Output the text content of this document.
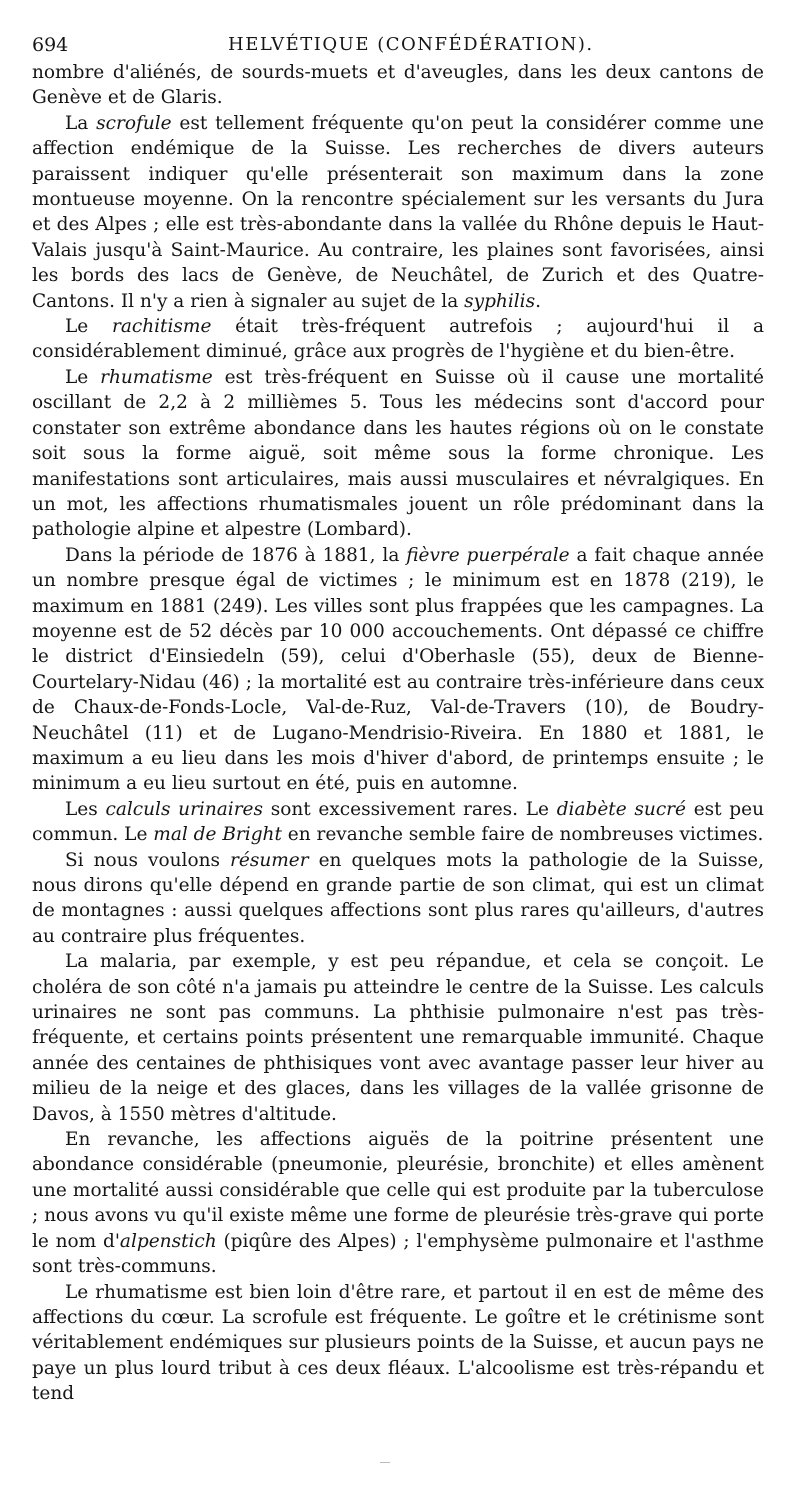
694	HELVÉTIQUE (CONFÉDÉRATION).

nombre d'aliénés, de sourds-muets et d'aveugles, dans les deux cantons de Genève et de Glaris.

La scrofule est tellement fréquente qu'on peut la considérer comme une affection endémique de la Suisse. Les recherches de divers auteurs paraissent indiquer qu'elle présenterait son maximum dans la zone montueuse moyenne. On la rencontre spécialement sur les versants du Jura et des Alpes ; elle est très-abondante dans la vallée du Rhône depuis le Haut-Valais jusqu'à Saint-Maurice. Au contraire, les plaines sont favorisées, ainsi les bords des lacs de Genève, de Neuchâtel, de Zurich et des Quatre-Cantons. Il n'y a rien à signaler au sujet de la syphilis.

Le rachitisme était très-fréquent autrefois ; aujourd'hui il a considérablement diminué, grâce aux progrès de l'hygiène et du bien-être.

Le rhumatisme est très-fréquent en Suisse où il cause une mortalité oscillant de 2,2 à 2 millièmes 5. Tous les médecins sont d'accord pour constater son extrême abondance dans les hautes régions où on le constate soit sous la forme aiguë, soit même sous la forme chronique. Les manifestations sont articulaires, mais aussi musculaires et névralgiques. En un mot, les affections rhumatismales jouent un rôle prédominant dans la pathologie alpine et alpestre (Lombard).

Dans la période de 1876 à 1881, la fièvre puerpérale a fait chaque année un nombre presque égal de victimes ; le minimum est en 1878 (219), le maximum en 1881 (249). Les villes sont plus frappées que les campagnes. La moyenne est de 52 décès par 10 000 accouchements. Ont dépassé ce chiffre le district d'Einsiedeln (59), celui d'Oberhasle (55), deux de Bienne-Courtelary-Nidau (46) ; la mortalité est au contraire très-inférieure dans ceux de Chaux-de-Fonds-Locle, Val-de-Ruz, Val-de-Travers (10), de Boudry-Neuchâtel (11) et de Lugano-Mendrisio-Riveira. En 1880 et 1881, le maximum a eu lieu dans les mois d'hiver d'abord, de printemps ensuite ; le minimum a eu lieu surtout en été, puis en automne.

Les calculs urinaires sont excessivement rares. Le diabète sucré est peu commun. Le mal de Bright en revanche semble faire de nombreuses victimes.

Si nous voulons résumer en quelques mots la pathologie de la Suisse, nous dirons qu'elle dépend en grande partie de son climat, qui est un climat de montagnes : aussi quelques affections sont plus rares qu'ailleurs, d'autres au contraire plus fréquentes.

La malaria, par exemple, y est peu répandue, et cela se conçoit. Le choléra de son côté n'a jamais pu atteindre le centre de la Suisse. Les calculs urinaires ne sont pas communs. La phthisie pulmonaire n'est pas très-fréquente, et certains points présentent une remarquable immunité. Chaque année des centaines de phthisiques vont avec avantage passer leur hiver au milieu de la neige et des glaces, dans les villages de la vallée grisonne de Davos, à 1550 mètres d'altitude.

En revanche, les affections aiguës de la poitrine présentent une abondance considérable (pneumonie, pleurésie, bronchite) et elles amènent une mortalité aussi considérable que celle qui est produite par la tuberculose ; nous avons vu qu'il existe même une forme de pleurésie très-grave qui porte le nom d'alpenstich (piqûre des Alpes) ; l'emphysème pulmonaire et l'asthme sont très-communs.

Le rhumatisme est bien loin d'être rare, et partout il en est de même des affections du cœur. La scrofule est fréquente. Le goître et le crétinisme sont véritablement endémiques sur plusieurs points de la Suisse, et aucun pays ne paye un plus lourd tribut à ces deux fléaux. L'alcoolisme est très-répandu et tend
